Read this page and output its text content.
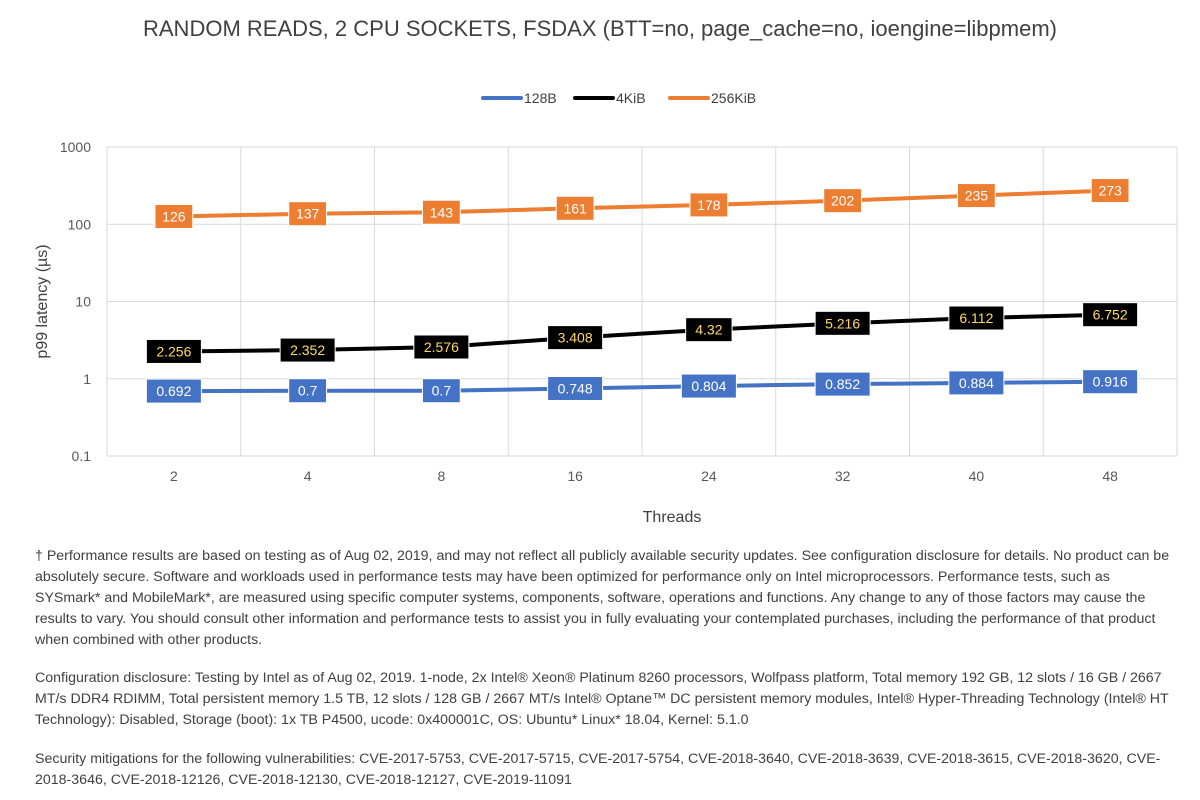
RANDOM READS, 2 CPU SOCKETS, FSDAX (BTT=no, page_cache=no, ioengine=libpmem)
0.1
1
10
100
1000
2	4	8	16	24	32	40	48
Threads
p99 latency (µs)
0.692	0.7	0.7	0.748	0.804	0.852	0.884	0.916
2.256	2.352	2.576
3.408	4.32	5.216	6.112	6.752
126	137	143	161	178	202	235	273
128B	4KiB	256KiB
† Performance results are based on testing as of Aug 02, 2019, and may not reflect all publicly available security updates. See configuration disclosure for details. No product can be absolutely secure. Software and workloads used in performance tests may have been optimized for performance only on Intel microprocessors. Performance tests, such as SYSmark* and MobileMark*, are measured using specific computer systems, components, software, operations and functions. Any change to any of those factors may cause the results to vary. You should consult other information and performance tests to assist you in fully evaluating your contemplated purchases, including the performance of that product when combined with other products.
Configuration disclosure: Testing by Intel as of Aug 02, 2019. 1-node, 2x Intel® Xeon® Platinum 8260 processors, Wolfpass platform, Total memory 192 GB, 12 slots / 16 GB / 2667 MT/s DDR4 RDIMM, Total persistent memory 1.5 TB, 12 slots / 128 GB / 2667 MT/s Intel® Optane™ DC persistent memory modules, Intel® Hyper-Threading Technology (Intel® HT Technology): Disabled, Storage (boot): 1x TB P4500, ucode: 0x400001C, OS: Ubuntu* Linux* 18.04, Kernel: 5.1.0
Security mitigations for the following vulnerabilities: CVE-2017-5753, CVE-2017-5715, CVE-2017-5754, CVE-2018-3640, CVE-2018-3639, CVE-2018-3615, CVE-2018-3620, CVE-2018-3646, CVE-2018-12126, CVE-2018-12130, CVE-2018-12127, CVE-2019-11091
